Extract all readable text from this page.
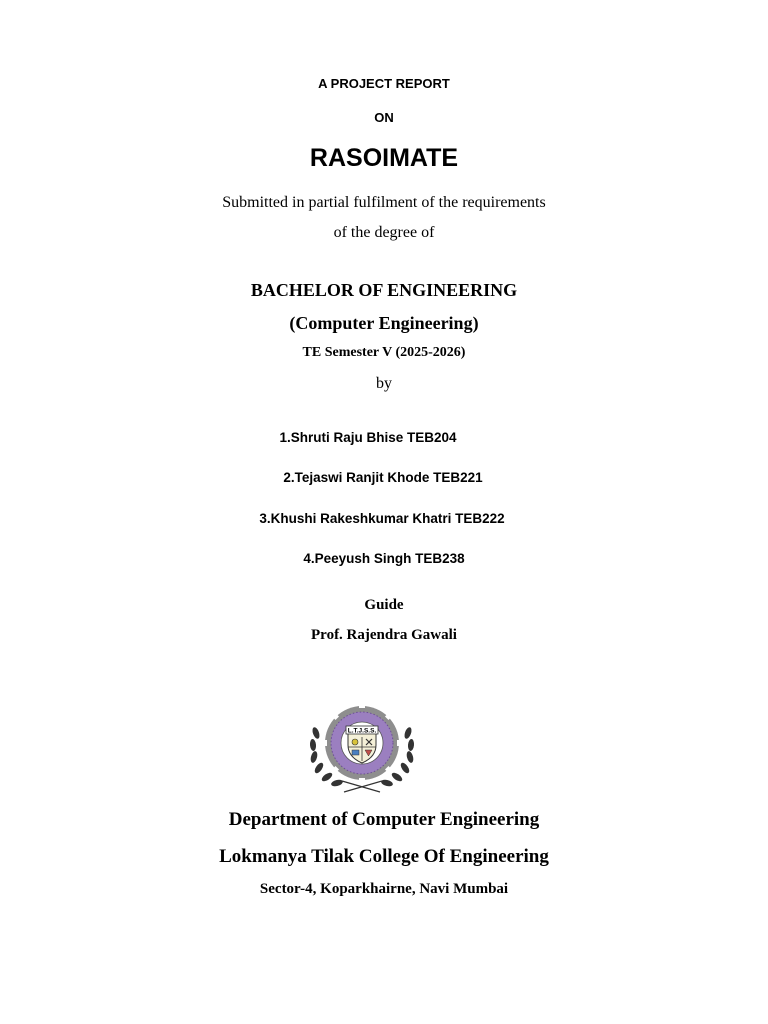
A PROJECT REPORT
ON
RASOIMATE
Submitted in partial fulfilment of the requirements
of the degree of
BACHELOR OF ENGINEERING
(Computer Engineering)
TE Semester V (2025-2026)
by
1.Shruti Raju Bhise TEB204
2.Tejaswi Ranjit Khode TEB221
3.Khushi Rakeshkumar Khatri TEB222
4.Peeyush Singh TEB238
Guide
Prof. Rajendra Gawali
L.T.J.S.S.
Department of Computer Engineering
Lokmanya Tilak College Of Engineering
Sector-4, Koparkhairne, Navi Mumbai
